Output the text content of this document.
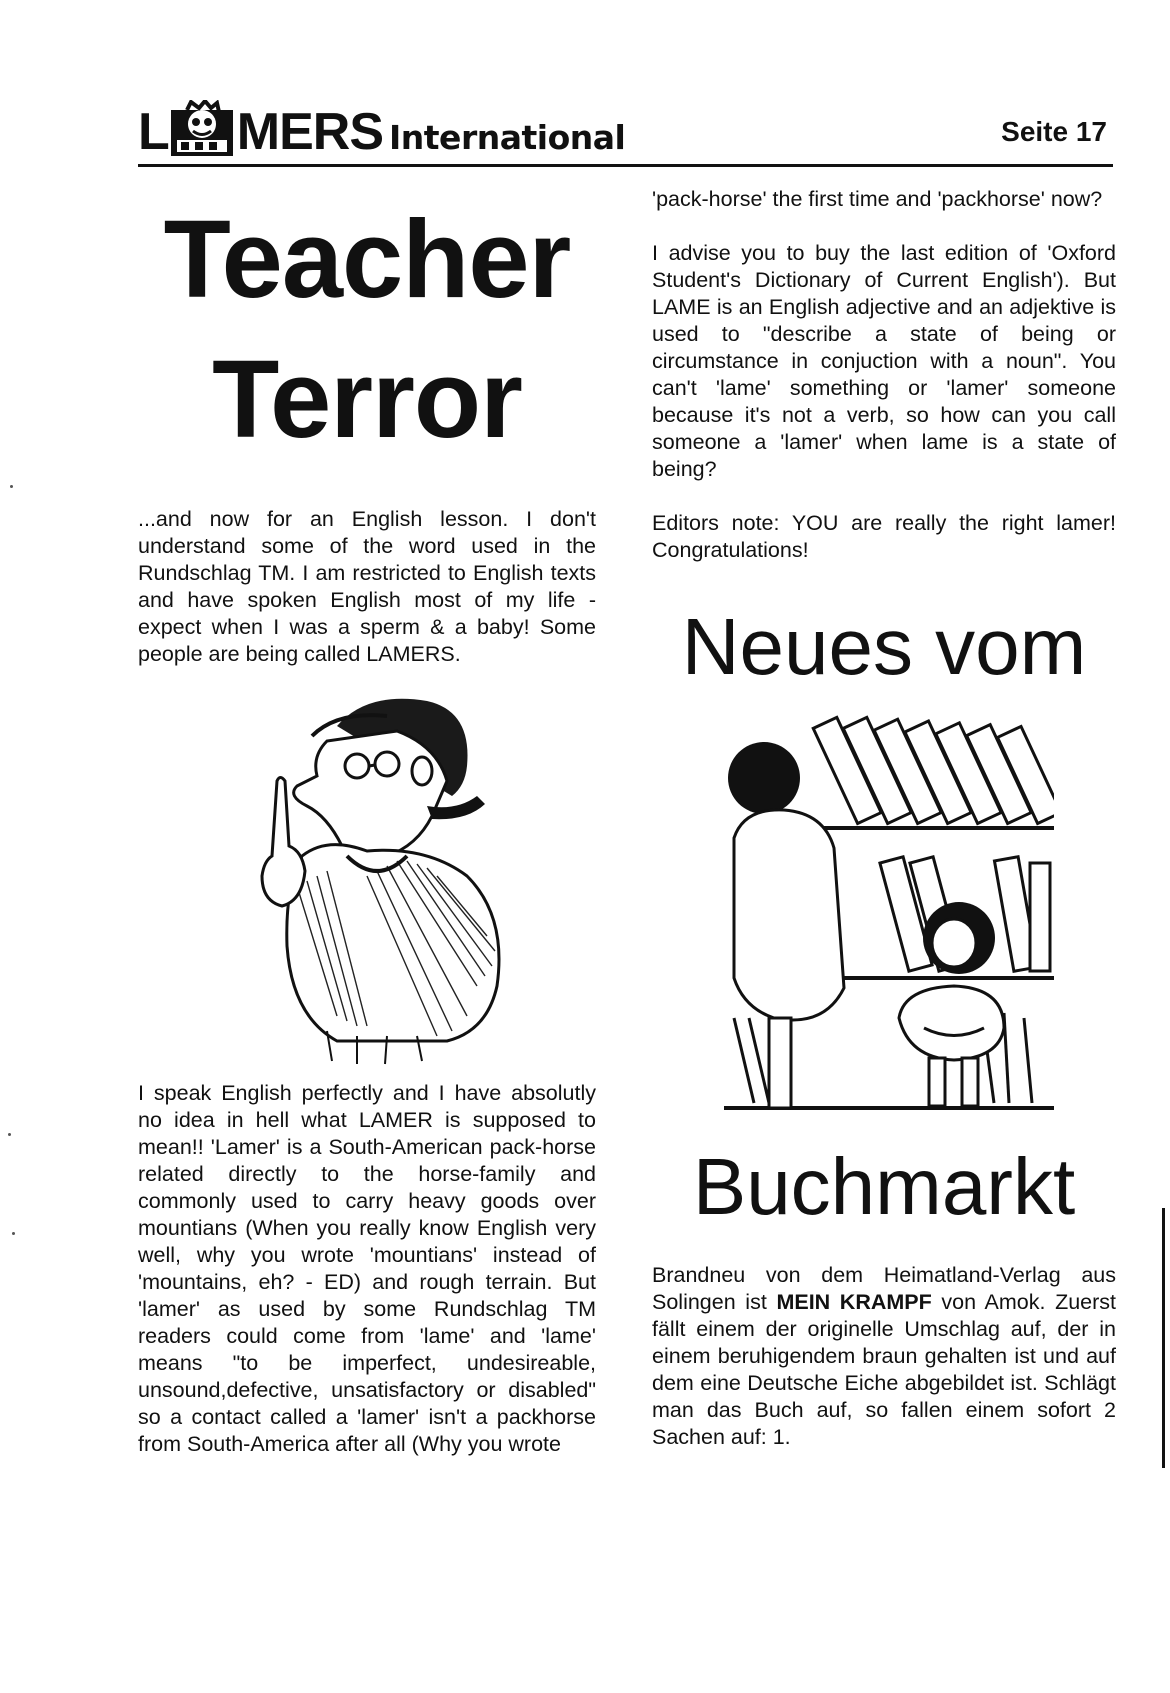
L MERS International	Seite 17
Teacher
Terror

...and now for an English lesson. I don't understand some of the word used in the Rundschlag TM. I am restricted to English texts and have spoken English most of my life - expect when I was a sperm & a baby! Some people are being called LAMERS.

I speak English perfectly and I have absolutly no idea in hell what LAMER is supposed to mean!! 'Lamer' is a South-American pack-horse related directly to the horse-family and commonly used to carry heavy goods over mountians (When you really know English very well, why you wrote 'mountians' instead of 'mountains, eh? - ED) and rough terrain. But 'lamer' as used by some Rundschlag TM readers could come from 'lame' and 'lame' means "to be imperfect, undesireable, unsound,defective, unsatisfactory or disabled" so a contact called a 'lamer' isn't a packhorse from South-America after all (Why you wrote

'pack-horse' the first time and 'packhorse' now?

I advise you to buy the last edition of 'Oxford Student's Dictionary of Current English'). But LAME is an English adjective and an adjektive is used to "describe a state of being or circumstance in conjuction with a noun". You can't 'lame' something or 'lamer' someone because it's not a verb, so how can you call someone a 'lamer' when lame is a state of being?

Editors note: YOU are really the right lamer! Congratulations!

Neues vom
Buchmarkt

Brandneu von dem Heimatland-Verlag aus Solingen ist MEIN KRAMPF von Amok. Zuerst fällt einem der originelle Umschlag auf, der in einem beruhigendem braun gehalten ist und auf dem eine Deutsche Eiche abgebildet ist. Schlägt man das Buch auf, so fallen einem sofort 2 Sachen auf: 1.
